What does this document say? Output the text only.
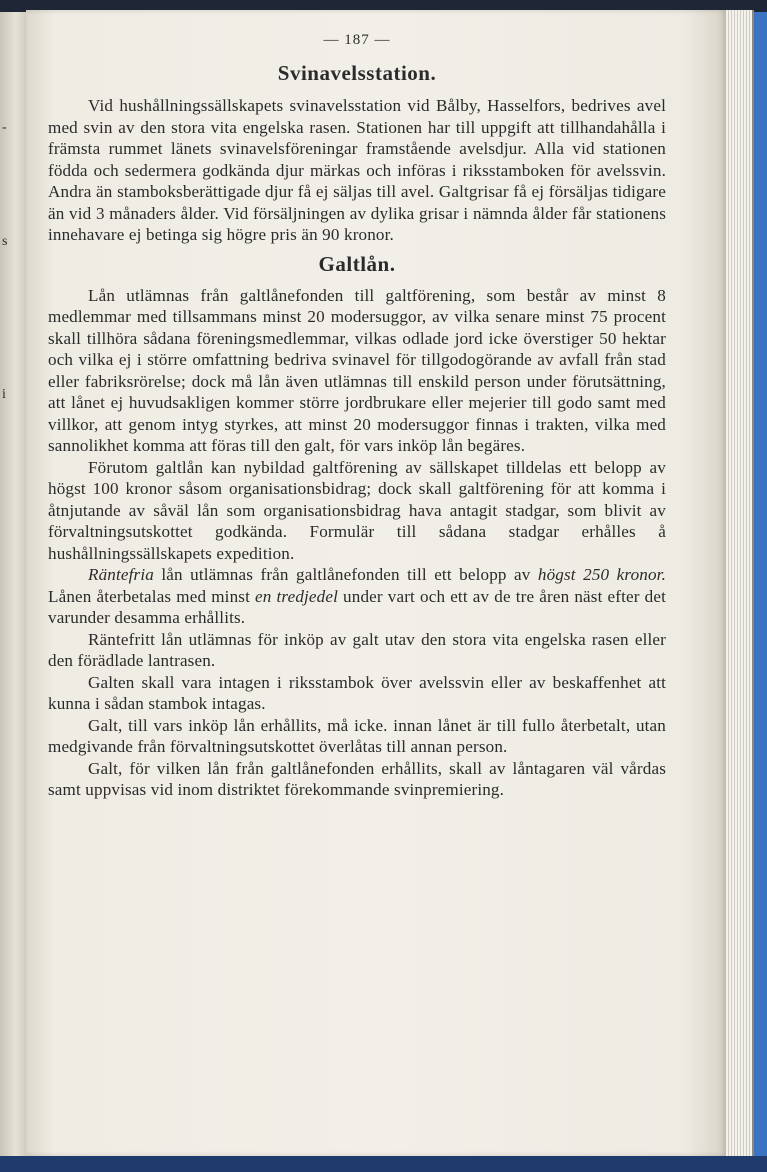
-
s
i
— 187 —
Svinavelsstation.

Vid hushållningssällskapets svinavelsstation vid Bålby, Hasselfors, bedrives avel med svin av den stora vita engelska rasen. Stationen har till uppgift att tillhandahålla i främsta rummet länets svinavelsföreningar framstående avelsdjur. Alla vid stationen födda och sedermera godkända djur märkas och införas i riksstamboken för avelssvin. Andra än stamboksberättigade djur få ej säljas till avel. Galtgrisar få ej försäljas tidigare än vid 3 månaders ålder. Vid försäljningen av dylika grisar i nämnda ålder får stationens innehavare ej betinga sig högre pris än 90 kronor.

Galtlån.

Lån utlämnas från galtlånefonden till galtförening, som består av minst 8 medlemmar med tillsammans minst 20 modersuggor, av vilka senare minst 75 procent skall tillhöra sådana föreningsmedlemmar, vilkas odlade jord icke överstiger 50 hektar och vilka ej i större omfattning bedriva svinavel för tillgodogörande av avfall från stad eller fabriksrörelse; dock må lån även utlämnas till enskild person under förutsättning, att lånet ej huvudsakligen kommer större jordbrukare eller mejerier till godo samt med villkor, att genom intyg styrkes, att minst 20 modersuggor finnas i trakten, vilka med sannolikhet komma att föras till den galt, för vars inköp lån begäres.

Förutom galtlån kan nybildad galtförening av sällskapet tilldelas ett belopp av högst 100 kronor såsom organisationsbidrag; dock skall galtförening för att komma i åtnjutande av såväl lån som organisationsbidrag hava antagit stadgar, som blivit av förvaltningsutskottet godkända. Formulär till sådana stadgar erhålles å hushållningssällskapets expedition.

Räntefria lån utlämnas från galtlånefonden till ett belopp av högst 250 kronor. Lånen återbetalas med minst en tredjedel under vart och ett av de tre åren näst efter det varunder desamma erhållits.

Räntefritt lån utlämnas för inköp av galt utav den stora vita engelska rasen eller den förädlade lantrasen.

Galten skall vara intagen i riksstambok över avelssvin eller av beskaffenhet att kunna i sådan stambok intagas.

Galt, till vars inköp lån erhållits, må icke. innan lånet är till fullo återbetalt, utan medgivande från förvaltningsutskottet överlåtas till annan person.

Galt, för vilken lån från galtlånefonden erhållits, skall av låntagaren väl vårdas samt uppvisas vid inom distriktet förekommande svinpremiering.
